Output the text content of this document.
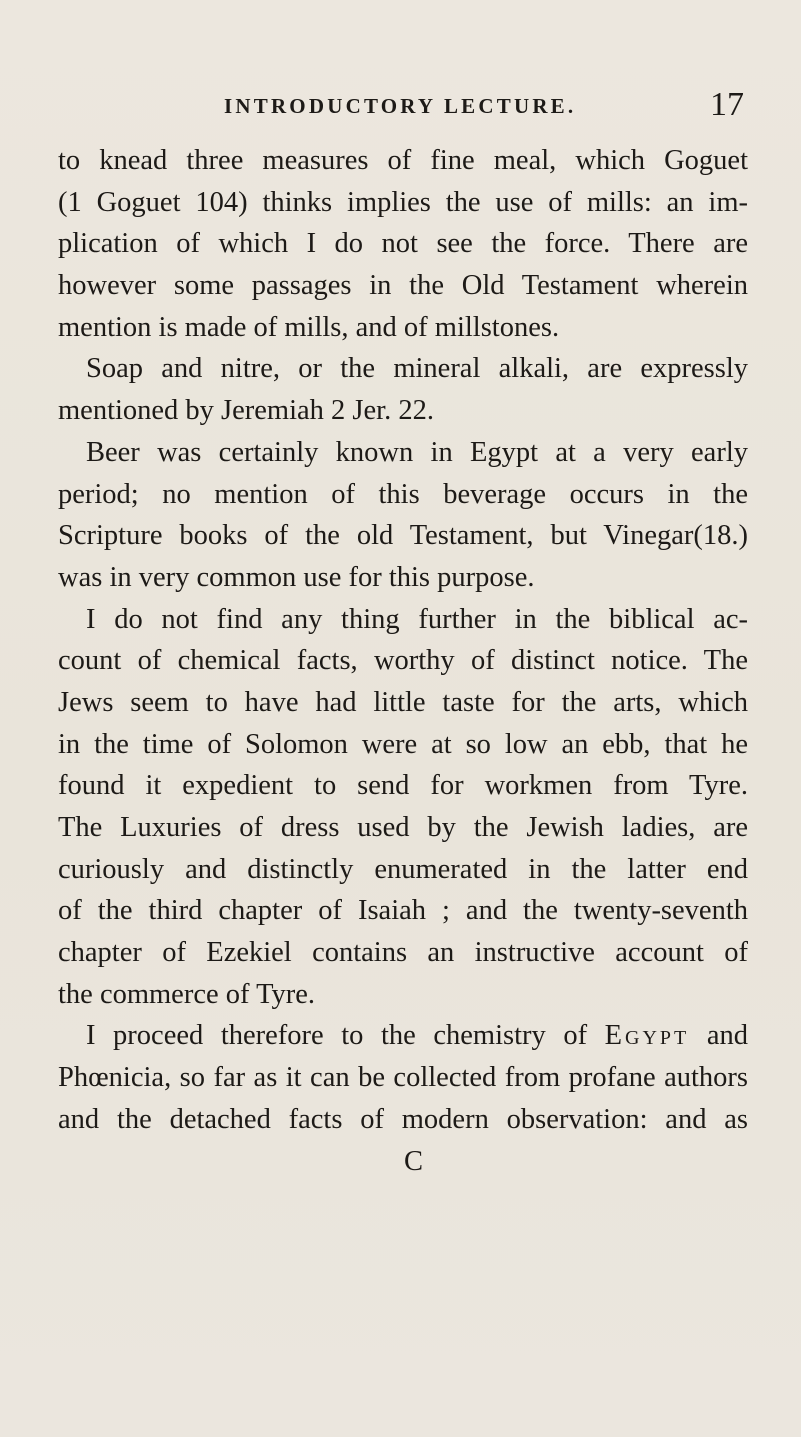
INTRODUCTORY LECTURE.	17
to knead three measures of fine meal, which Goguet
(1 Goguet 104) thinks implies the use of mills: an im-
plication of which I do not see the force. There are
however some passages in the Old Testament wherein
mention is made of mills, and of millstones.
Soap and nitre, or the mineral alkali, are expressly
mentioned by Jeremiah 2 Jer. 22.
Beer was certainly known in Egypt at a very early
period; no mention of this beverage occurs in the
Scripture books of the old Testament, but Vinegar(18.)
was in very common use for this purpose.
I do not find any thing further in the biblical ac-
count of chemical facts, worthy of distinct notice. The
Jews seem to have had little taste for the arts, which
in the time of Solomon were at so low an ebb, that he
found it expedient to send for workmen from Tyre.
The Luxuries of dress used by the Jewish ladies, are
curiously and distinctly enumerated in the latter end
of the third chapter of Isaiah ; and the twenty-seventh
chapter of Ezekiel contains an instructive account of
the commerce of Tyre.
I proceed therefore to the chemistry of Egypt and
Phœnicia, so far as it can be collected from profane authors
and the detached facts of modern observation: and as
C
